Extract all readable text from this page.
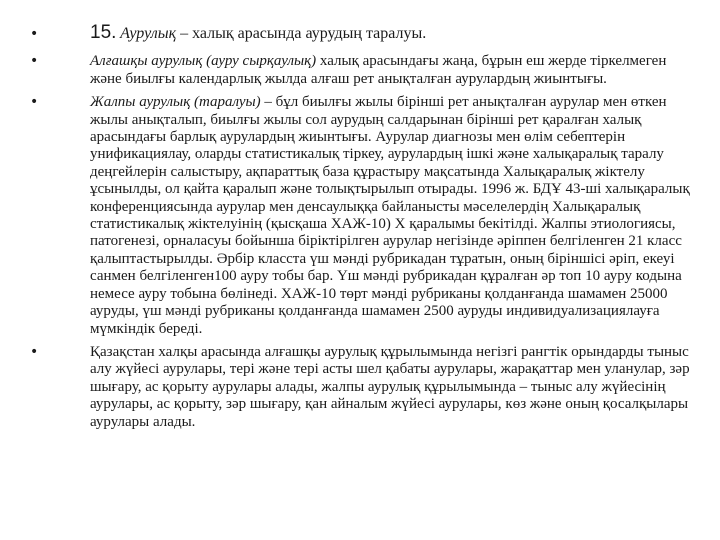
•	15. Аурулық – халық арасында аурудың таралуы.
•	Алғашқы аурулық (ауру сырқаулық) халық арасындағы жаңа, бұрын еш жерде тіркелмеген және биылғы календарлық жылда алғаш рет анықталған аурулардың жиынтығы.
•	Жалпы аурулық (таралуы) – бұл биылғы жылы бірінші рет анықталған аурулар мен өткен жылы анықталып, биылғы жылы сол аурудың салдарынан бірінші рет қаралған халық арасындағы барлық аурулардың жиынтығы. Аурулар диагнозы мен өлім себептерін унификациялау, оларды статистикалық тіркеу, аурулардың ішкі және халықаралық таралу деңгейлерін салыстыру, ақпараттық база құрастыру мақсатында Халықаралық жіктелу ұсынылды, ол қайта қаралып және толықтырылып отырады. 1996 ж. БДҰ 43-ші халықаралық конференциясында аурулар мен денсаулыққа байланысты мәселелердің Халықаралық статистикалық жіктелуінің (қысқаша ХАЖ-10) Х қаралымы бекітілді. Жалпы этиологиясы, патогенезі, орналасуы бойынша біріктірілген аурулар негізінде әріппен белгіленген 21 класс қалыптастырылды. Әрбір класста үш мәнді рубрикадан тұратын, оның біріншісі әріп, екеуі санмен белгіленген100 ауру тобы бар. Үш мәнді рубрикадан құралған әр топ 10 ауру кодына немесе ауру тобына бөлінеді. ХАЖ-10 төрт мәнді рубриканы қолданғанда шамамен 25000 ауруды, үш мәнді рубриканы қолданғанда шамамен 2500 ауруды индивидуализациялауға мүмкіндік береді.
•	Қазақстан халқы арасында алғашқы аурулық құрылымында негізгі рангтік орындарды тыныс алу жүйесі аурулары, тері және тері асты шел қабаты аурулары, жарақаттар мен уланулар, зәр шығару, ас қорыту аурулары алады, жалпы аурулық құрылымында – тыныс алу жүйесінің аурулары, ас қорыту, зәр шығару, қан айналым жүйесі аурулары, көз және оның қосалқылары аурулары алады.
